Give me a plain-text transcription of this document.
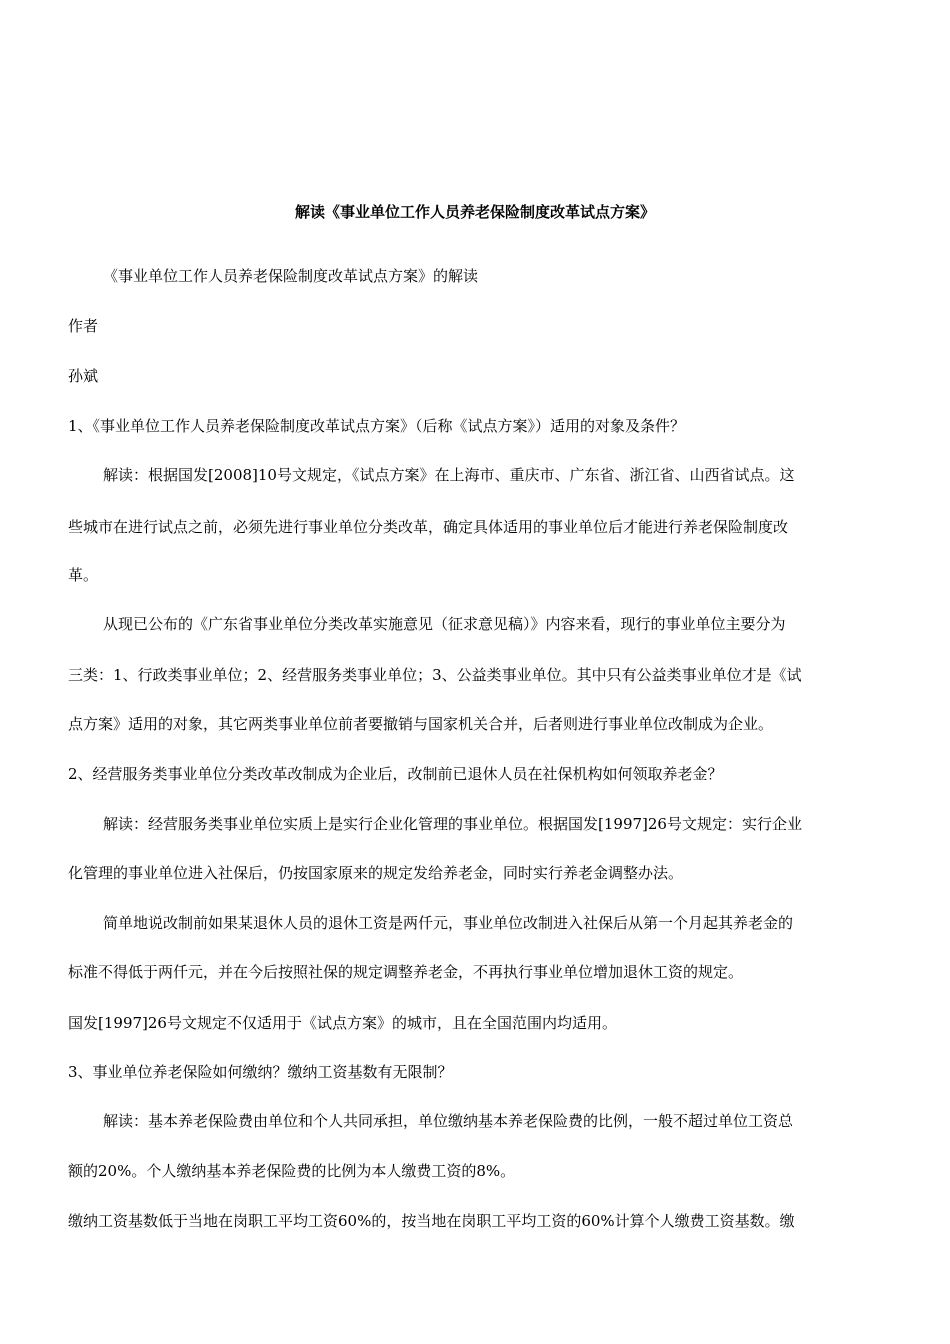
解读《事业单位工作人员养老保险制度改革试点方案》
《事业单位工作人员养老保险制度改革试点方案》的解读
作者
孙斌
1、《事业单位工作人员养老保险制度改革试点方案》（后称《试点方案》）适用的对象及条件？
解读：根据国发[2008]10号文规定，《试点方案》在上海市、重庆市、广东省、浙江省、山西省试点。这
些城市在进行试点之前，必须先进行事业单位分类改革，确定具体适用的事业单位后才能进行养老保险制度改
革。
从现已公布的《广东省事业单位分类改革实施意见（征求意见稿）》内容来看，现行的事业单位主要分为
三类：1、行政类事业单位；2、经营服务类事业单位；3、公益类事业单位。其中只有公益类事业单位才是《试
点方案》适用的对象，其它两类事业单位前者要撤销与国家机关合并，后者则进行事业单位改制成为企业。
2、经营服务类事业单位分类改革改制成为企业后，改制前已退休人员在社保机构如何领取养老金？
解读：经营服务类事业单位实质上是实行企业化管理的事业单位。根据国发[1997]26号文规定：实行企业
化管理的事业单位进入社保后，仍按国家原来的规定发给养老金，同时实行养老金调整办法。
简单地说改制前如果某退休人员的退休工资是两仟元，事业单位改制进入社保后从第一个月起其养老金的
标准不得低于两仟元，并在今后按照社保的规定调整养老金，不再执行事业单位增加退休工资的规定。
国发[1997]26号文规定不仅适用于《试点方案》的城市，且在全国范围内均适用。
3、事业单位养老保险如何缴纳？缴纳工资基数有无限制？
解读：基本养老保险费由单位和个人共同承担，单位缴纳基本养老保险费的比例，一般不超过单位工资总
额的20%。个人缴纳基本养老保险费的比例为本人缴费工资的8%。
缴纳工资基数低于当地在岗职工平均工资60%的，按当地在岗职工平均工资的60%计算个人缴费工资基数。缴
